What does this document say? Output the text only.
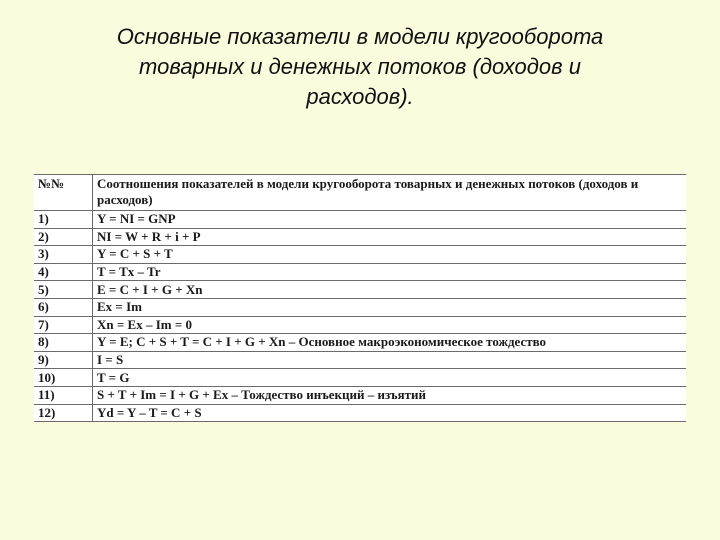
Основные показатели в модели кругооборота
товарных и денежных потоков (доходов и
расходов).
№№	Соотношения показателей в модели кругооборота товарных и денежных потоков (доходов и расходов)
1)	Y = NI = GNP
2)	NI = W + R + i + P
3)	Y = C + S + T
4)	T = Tx – Tr
5)	E = C + I + G + Xn
6)	Ex = Im
7)	Xn = Ex – Im = 0
8)	Y = E; C + S + T = C + I + G + Xn – Основное макроэкономическое тождество
9)	I = S
10)	T = G
11)	S + T + Im = I + G + Ex – Тождество инъекций – изъятий
12)	Yd = Y – T = C + S
